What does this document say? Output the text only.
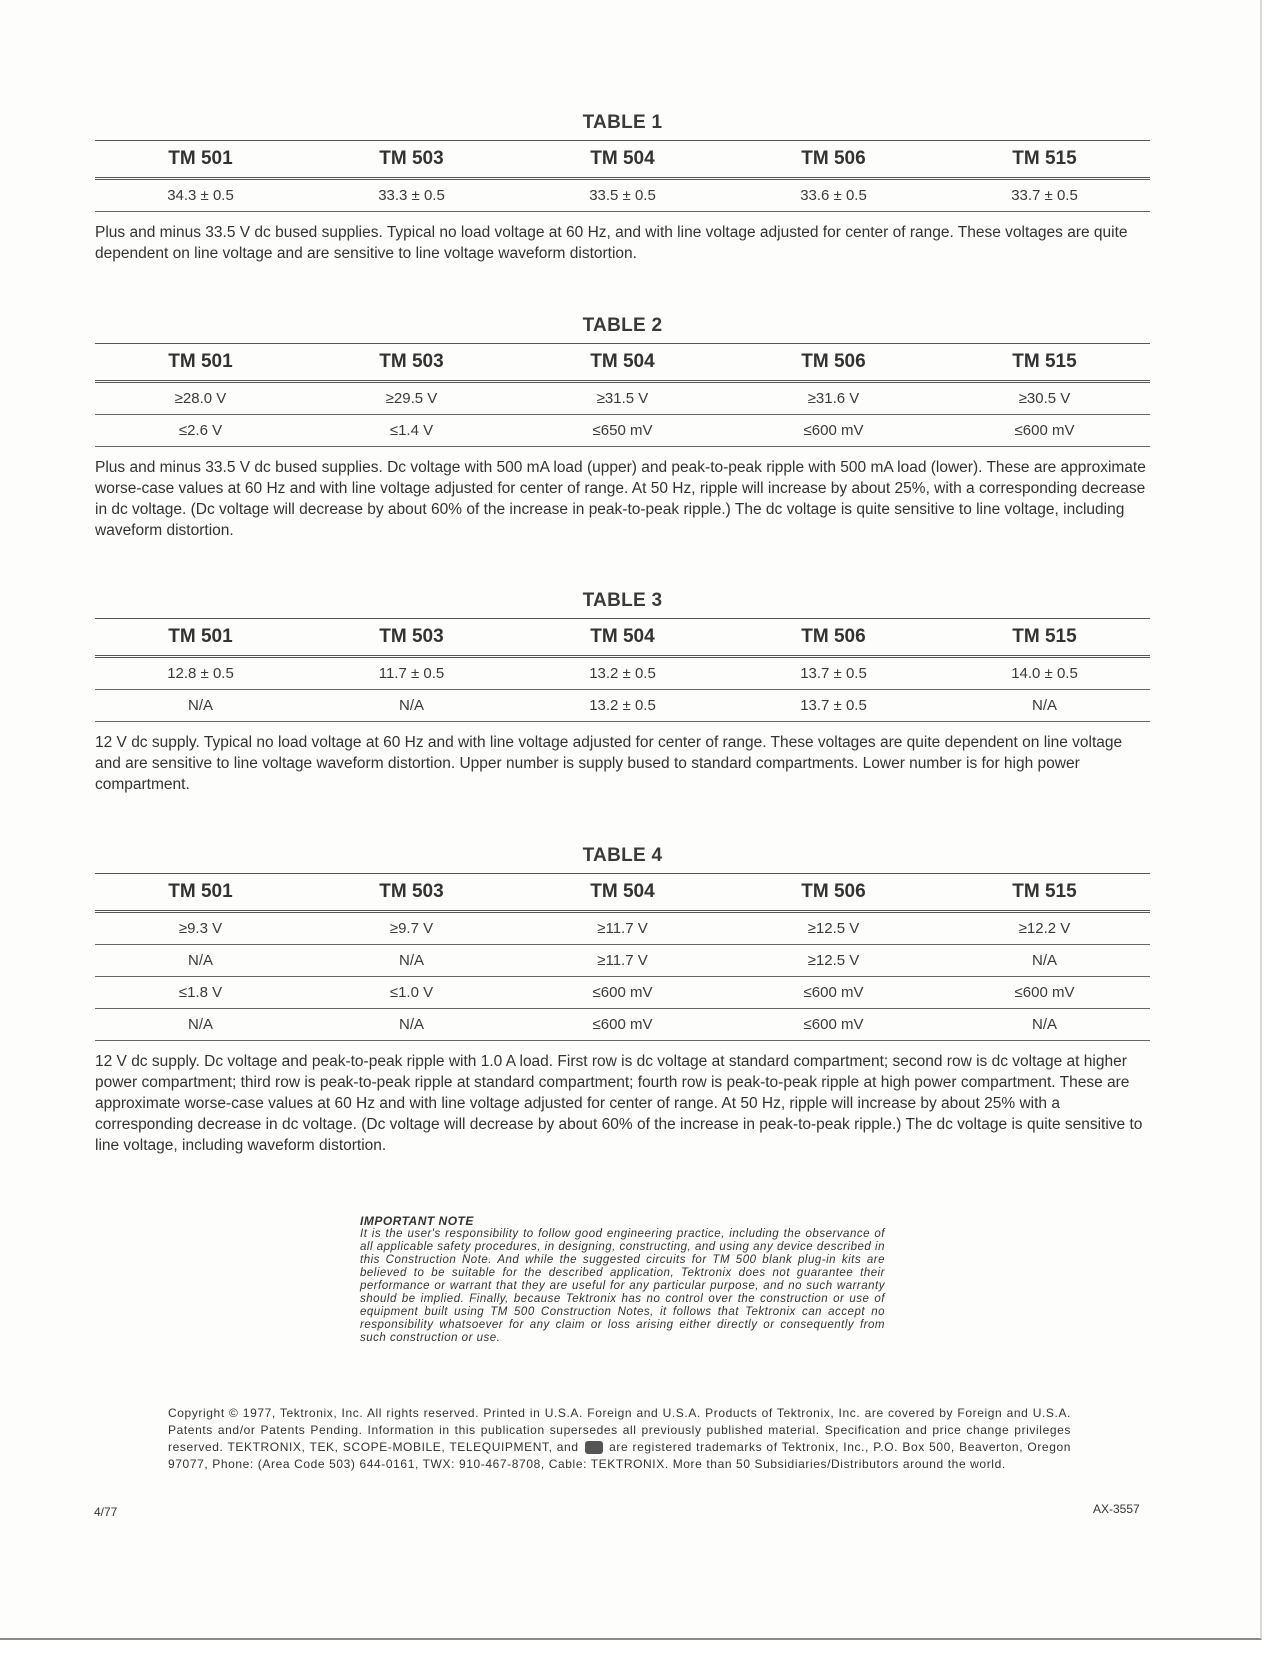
TABLE 1
TM 501	TM 503	TM 504	TM 506	TM 515
34.3 ± 0.5	33.3 ± 0.5	33.5 ± 0.5	33.6 ± 0.5	33.7 ± 0.5
Plus and minus 33.5 V dc bused supplies. Typical no load voltage at 60 Hz, and with line voltage adjusted for center of range. These voltages are quite dependent on line voltage and are sensitive to line voltage waveform distortion.
TABLE 2
TM 501	TM 503	TM 504	TM 506	TM 515
≥28.0 V	≥29.5 V	≥31.5 V	≥31.6 V	≥30.5 V
≤2.6 V	≤1.4 V	≤650 mV	≤600 mV	≤600 mV
Plus and minus 33.5 V dc bused supplies. Dc voltage with 500 mA load (upper) and peak-to-peak ripple with 500 mA load (lower). These are approximate worse-case values at 60 Hz and with line voltage adjusted for center of range. At 50 Hz, ripple will increase by about 25%, with a corresponding decrease in dc voltage. (Dc voltage will decrease by about 60% of the increase in peak-to-peak ripple.) The dc voltage is quite sensitive to line voltage, including waveform distortion.
TABLE 3
TM 501	TM 503	TM 504	TM 506	TM 515
12.8 ± 0.5	11.7 ± 0.5	13.2 ± 0.5	13.7 ± 0.5	14.0 ± 0.5
N/A	N/A	13.2 ± 0.5	13.7 ± 0.5	N/A
12 V dc supply. Typical no load voltage at 60 Hz and with line voltage adjusted for center of range. These voltages are quite dependent on line voltage and are sensitive to line voltage waveform distortion. Upper number is supply bused to standard compartments. Lower number is for high power compartment.
TABLE 4
TM 501	TM 503	TM 504	TM 506	TM 515
≥9.3 V	≥9.7 V	≥11.7 V	≥12.5 V	≥12.2 V
N/A	N/A	≥11.7 V	≥12.5 V	N/A
≤1.8 V	≤1.0 V	≤600 mV	≤600 mV	≤600 mV
N/A	N/A	≤600 mV	≤600 mV	N/A
12 V dc supply. Dc voltage and peak-to-peak ripple with 1.0 A load. First row is dc voltage at standard compartment; second row is dc voltage at higher power compartment; third row is peak-to-peak ripple at standard compartment; fourth row is peak-to-peak ripple at high power compartment. These are approximate worse-case values at 60 Hz and with line voltage adjusted for center of range. At 50 Hz, ripple will increase by about 25% with a corresponding decrease in dc voltage. (Dc voltage will decrease by about 60% of the increase in peak-to-peak ripple.) The dc voltage is quite sensitive to line voltage, including waveform distortion.
IMPORTANT NOTE
It is the user's responsibility to follow good engineering practice, including the observance of all applicable safety procedures, in designing, constructing, and using any device described in this Construction Note. And while the suggested circuits for TM 500 blank plug-in kits are believed to be suitable for the described application, Tektronix does not guarantee their performance or warrant that they are useful for any particular purpose, and no such warranty should be implied. Finally, because Tektronix has no control over the construction or use of equipment built using TM 500 Construction Notes, it follows that Tektronix can accept no responsibility whatsoever for any claim or loss arising either directly or consequently from such construction or use.
Copyright © 1977, Tektronix, Inc. All rights reserved. Printed in U.S.A. Foreign and U.S.A. Products of Tektronix, Inc. are covered by Foreign and U.S.A. Patents and/or Patents Pending. Information in this publication supersedes all previously published material. Specification and price change privileges reserved. TEKTRONIX, TEK, SCOPE-MOBILE, TELEQUIPMENT, and	are registered trademarks of Tektronix, Inc., P.O. Box 500, Beaverton, Oregon 97077, Phone: (Area Code 503) 644-0161, TWX: 910-467-8708, Cable: TEKTRONIX. More than 50 Subsidiaries/Distributors around the world.
4/77	AX-3557
